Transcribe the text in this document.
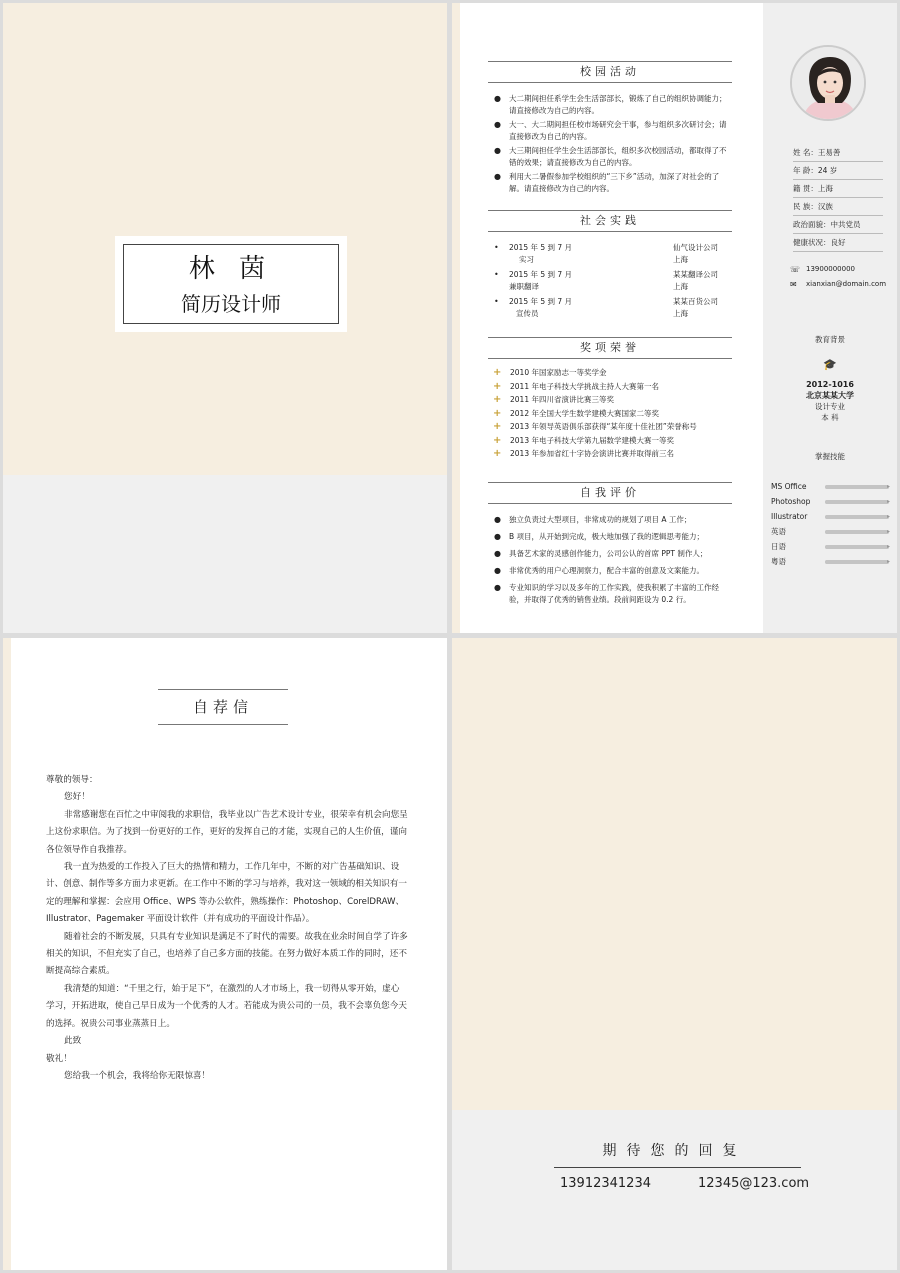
林 茵
简历设计师
校园活动
● 大二期间担任系学生会生活部部长，锻炼了自己的组织协调能力；请直接修改为自己的内容。
● 大一、大二期间担任校市场研究会干事，参与组织多次研讨会；请直接修改为自己的内容。
● 大三期间担任学生会生活部部长，组织多次校园活动，都取得了不错的效果；请直接修改为自己的内容。
● 利用大二暑假参加学校组织的“三下乡”活动，加深了对社会的了解。请直接修改为自己的内容。
社会实践
• 2015 年 5 到 7 月
实习
仙气设计公司
上海
• 2015 年 5 到 7 月
兼职翻译
某某翻译公司
上海
• 2015 年 5 到 7 月
宣传员
某某百货公司
上海
奖项荣誉
+ 2010 年国家励志一等奖学金
+ 2011 年电子科技大学挑战主持人大赛第一名
+ 2011 年四川省演讲比赛三等奖
+ 2012 年全国大学生数学建模大赛国家二等奖
+ 2013 年领导英语俱乐部获得“某年度十佳社团”荣誉称号
+ 2013 年电子科技大学第九届数学建模大赛一等奖
+ 2013 年参加省红十字协会演讲比赛并取得前三名
自我评价
● 独立负责过大型项目，非常成功的规划了项目 A 工作；
● B 项目，从开始到完成，极大地加强了我的逻辑思考能力；
● 具备艺术家的灵感创作能力，公司公认的首席 PPT 制作人；
● 非常优秀的用户心理洞察力，配合丰富的创意及文案能力。
● 专业知识的学习以及多年的工作实践，使我积累了丰富的工作经验，并取得了优秀的销售业绩。段前间距设为 0.2 行。
姓 名：王易善
年 龄：24 岁
籍 贯：上海
民 族：汉族
政治面貌：中共党员
健康状况：良好
☏ 13900000000
✉ xianxian@domain.com
教育背景
🎓
2012-1016
北京某某大学
设计专业
本 科
掌握技能
MS Office	▸
Photoshop	▸
Illustrator	▸
英语	▸
日语	▸
粤语	▸
自荐信

尊敬的领导：

您好！

非常感谢您在百忙之中审阅我的求职信，我毕业以广告艺术设计专业，很荣幸有机会向您呈上这份求职信。为了找到一份更好的工作，更好的发挥自己的才能，实现自己的人生价值，谨向各位领导作自我推荐。

我一直为热爱的工作投入了巨大的热情和精力，工作几年中，不断的对广告基础知识、设计、创意、制作等多方面力求更新。在工作中不断的学习与培养，我对这一领域的相关知识有一定的理解和掌握：会应用 Office、WPS 等办公软件，熟练操作：Photoshop、CorelDRAW、Illustrator、Pagemaker 平面设计软件（并有成功的平面设计作品）。

随着社会的不断发展，只具有专业知识是满足不了时代的需要。故我在业余时间自学了许多相关的知识，不但充实了自己，也培养了自己多方面的技能。在努力做好本质工作的同时，还不断提高综合素质。

我清楚的知道：“千里之行，始于足下”，在激烈的人才市场上，我一切得从零开始，虚心学习，开拓进取，使自己早日成为一个优秀的人才。若能成为贵公司的一员，我不会辜负您今天的选择。祝贵公司事业蒸蒸日上。

此致

敬礼！

您给我一个机会，我将给你无限惊喜！

期待您的回复
13912341234	12345@123.com
